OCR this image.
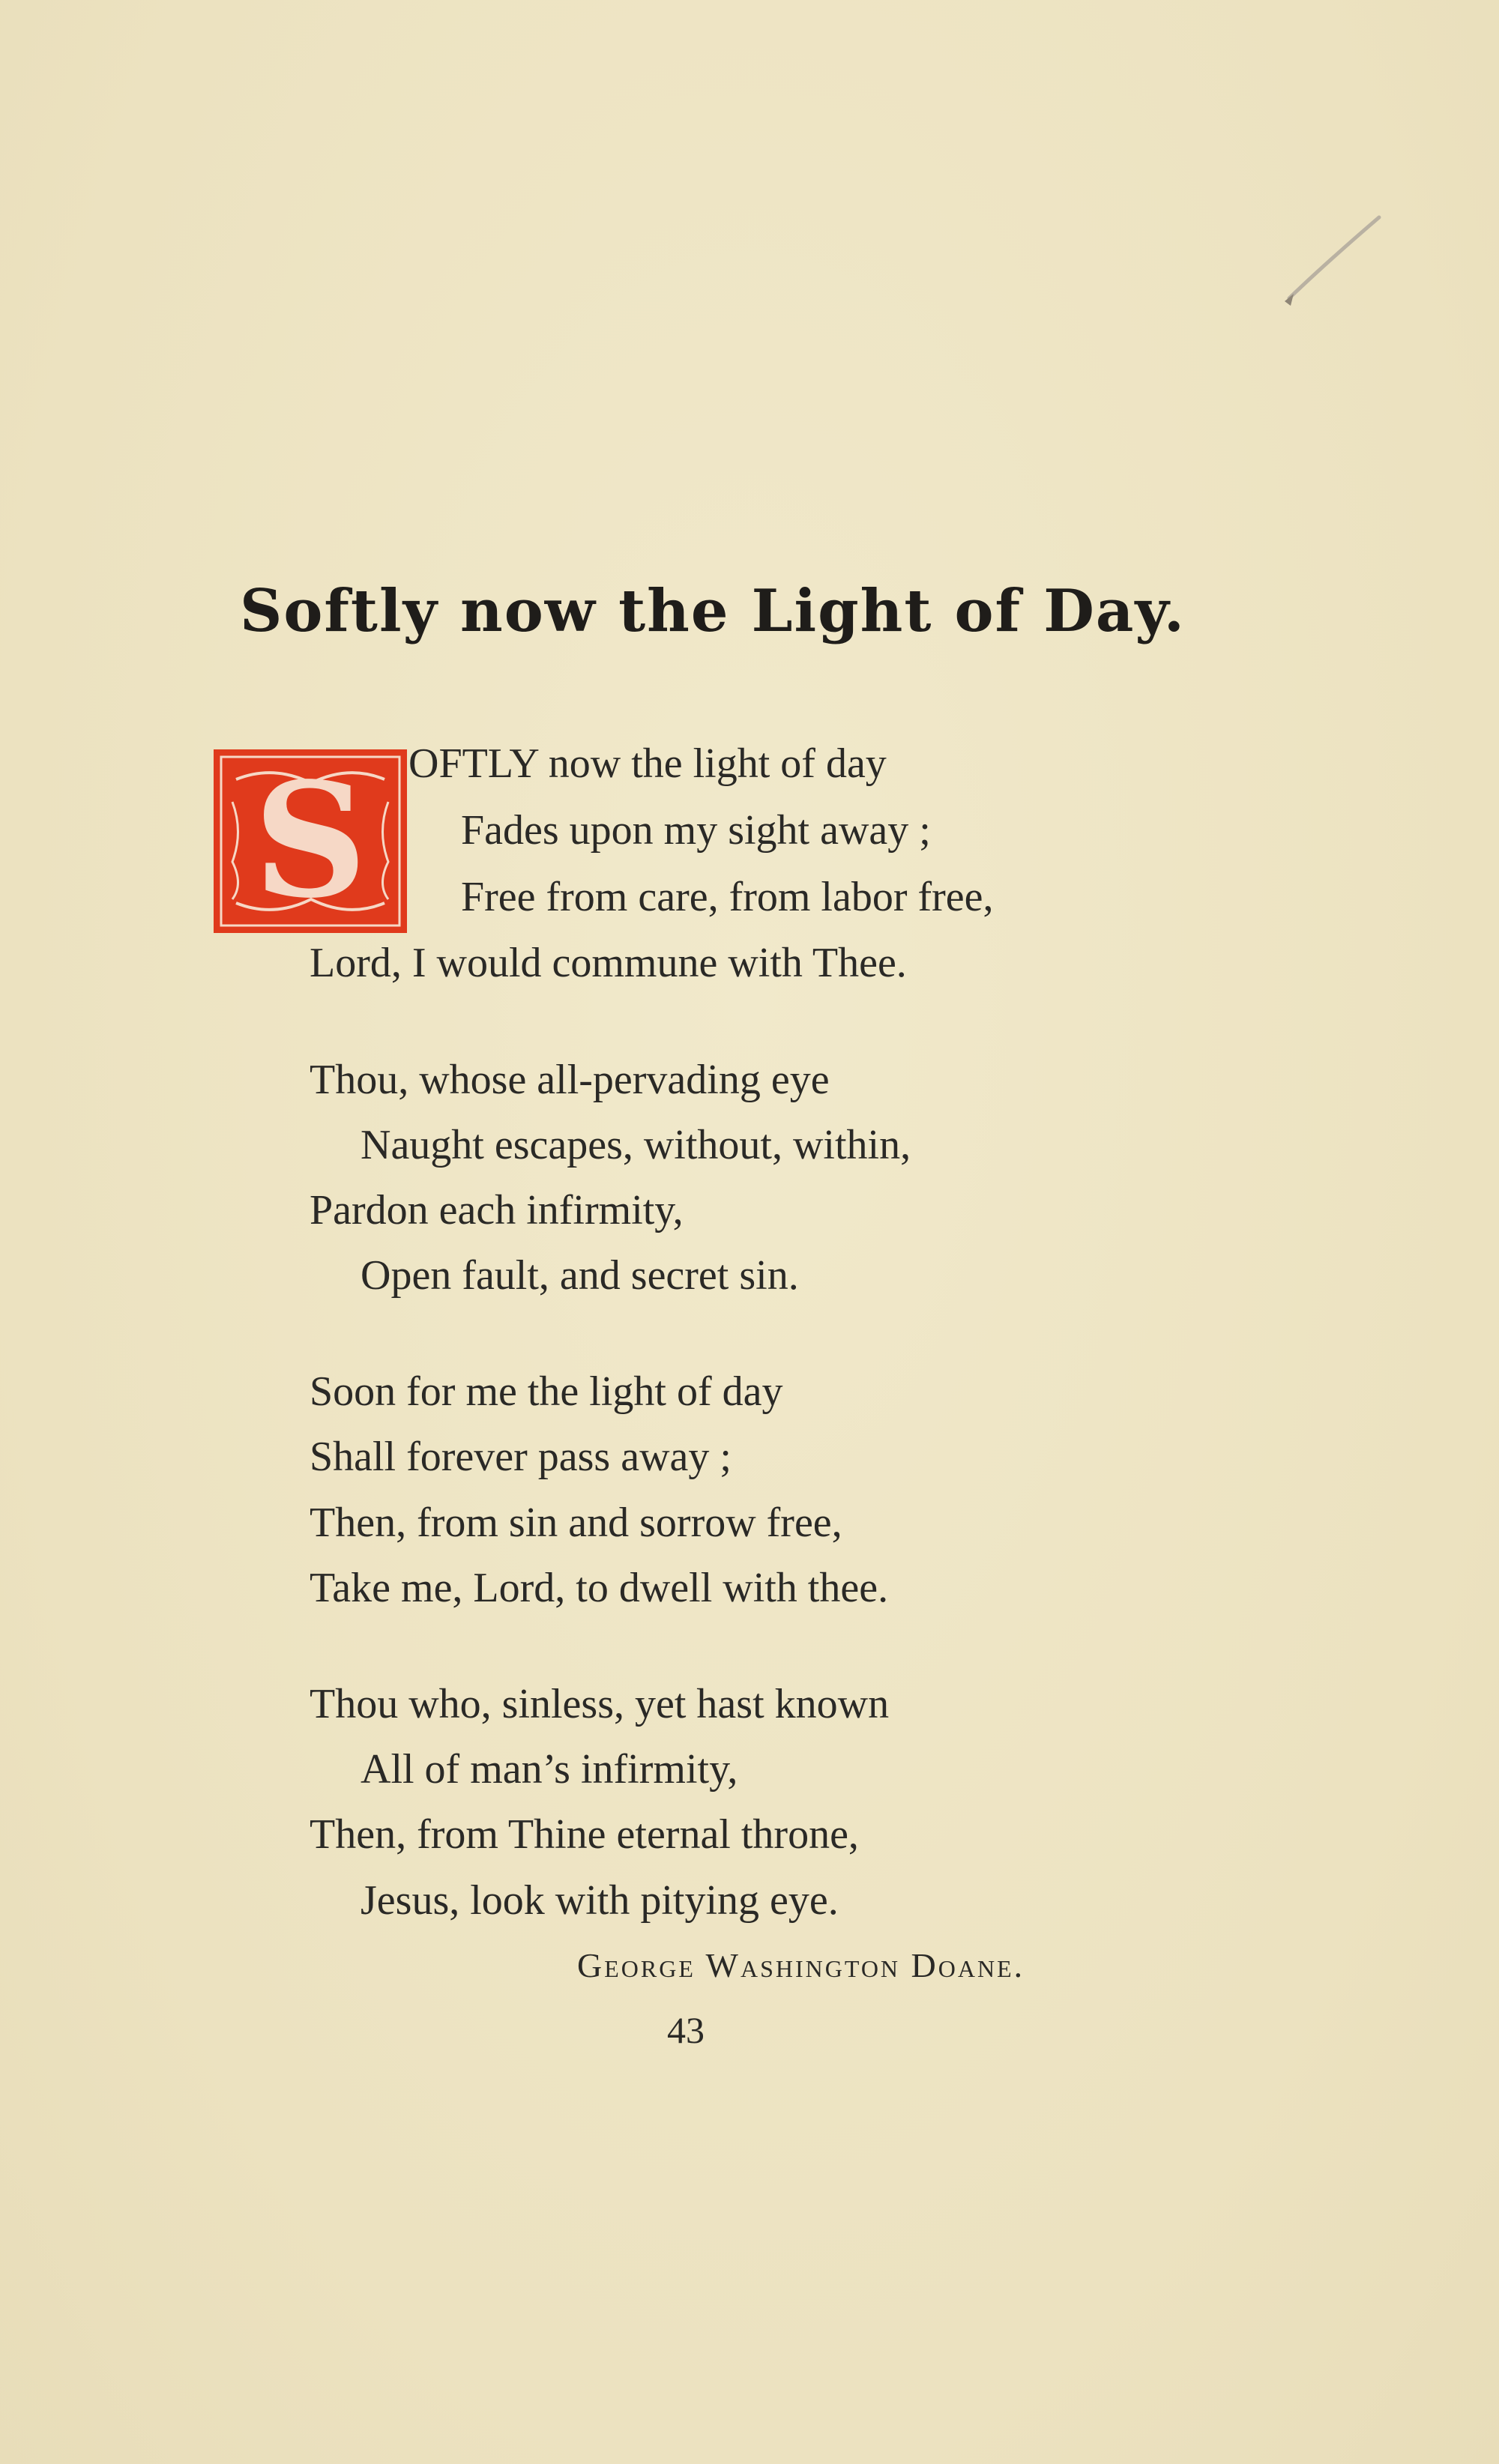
Softly now the Light of Day.
S OFTLY now the light of day
Fades upon my sight away ;
Free from care, from labor free,
Lord, I would commune with Thee.
Thou, whose all-pervading eye
Naught escapes, without, within,
Pardon each infirmity,
Open fault, and secret sin.
Soon for me the light of day
Shall forever pass away ;
Then, from sin and sorrow free,
Take me, Lord, to dwell with thee.
Thou who, sinless, yet hast known
All of man’s infirmity,
Then, from Thine eternal throne,
Jesus, look with pitying eye.
George Washington Doane.
43
